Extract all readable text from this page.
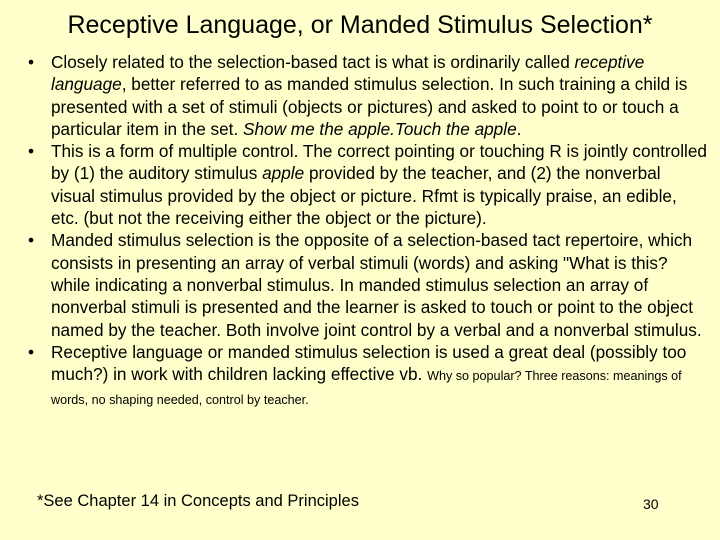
Receptive Language, or Manded Stimulus Selection*
• Closely related to the selection-based tact is what is ordinarily called receptive language, better referred to as manded stimulus selection. In such training a child is presented with a set of stimuli (objects or pictures) and asked to point to or touch a particular item in the set. Show me the apple.Touch the apple.
• This is a form of multiple control. The correct pointing or touching R is jointly controlled by (1) the auditory stimulus apple provided by the teacher, and (2) the nonverbal visual stimulus provided by the object or picture. Rfmt is typically praise, an edible, etc. (but not the receiving either the object or the picture).
• Manded stimulus selection is the opposite of a selection-based tact repertoire, which consists in presenting an array of verbal stimuli (words) and asking "What is this? while indicating a nonverbal stimulus. In manded stimulus selection an array of nonverbal stimuli is presented and the learner is asked to touch or point to the object named by the teacher. Both involve joint control by a verbal and a nonverbal stimulus.
• Receptive language or manded stimulus selection is used a great deal (possibly too much?) in work with children lacking effective vb. Why so popular? Three reasons: meanings of words, no shaping needed, control by teacher.
*See Chapter 14 in Concepts and Principles	30
